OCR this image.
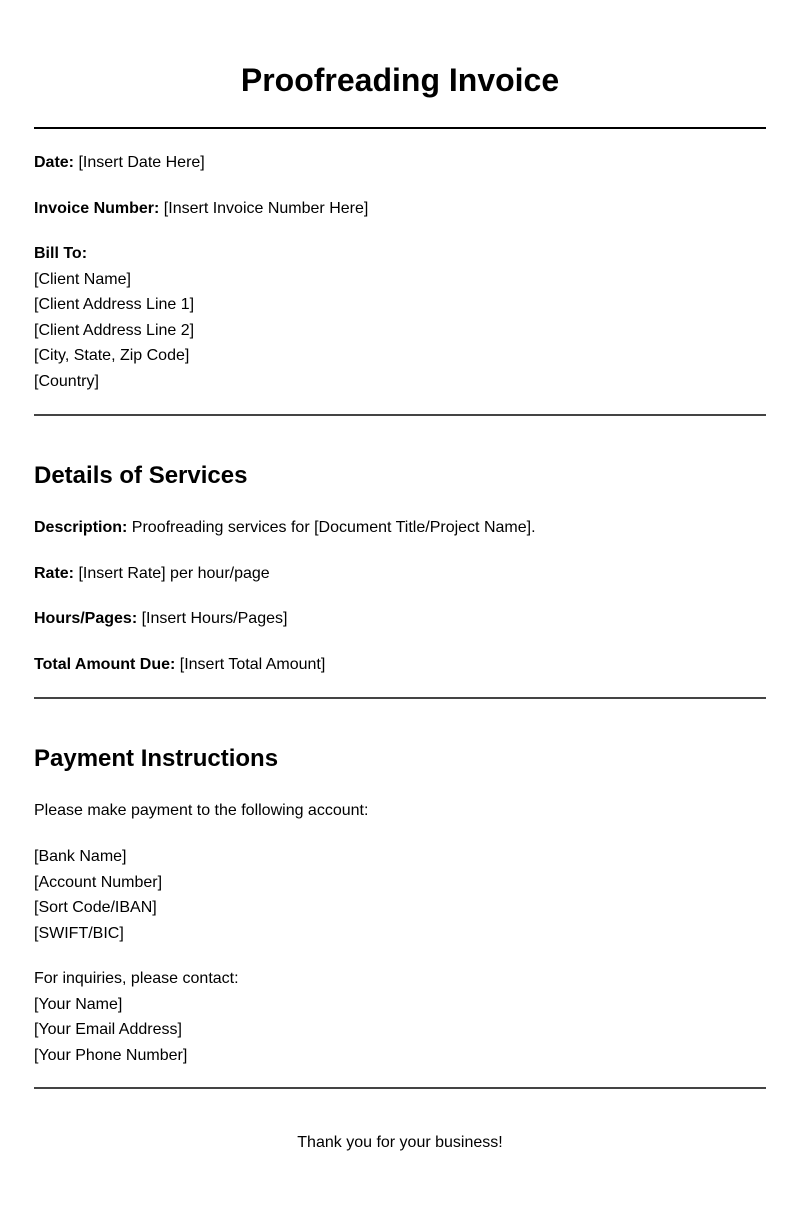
Proofreading Invoice

Date: [Insert Date Here]

Invoice Number: [Insert Invoice Number Here]

Bill To:
[Client Name]
[Client Address Line 1]
[Client Address Line 2]
[City, State, Zip Code]
[Country]
Details of Services

Description: Proofreading services for [Document Title/Project Name].

Rate: [Insert Rate] per hour/page

Hours/Pages: [Insert Hours/Pages]

Total Amount Due: [Insert Total Amount]

Payment Instructions

Please make payment to the following account:

[Bank Name]
[Account Number]
[Sort Code/IBAN]
[SWIFT/BIC]
For inquiries, please contact:
[Your Name]
[Your Email Address]
[Your Phone Number]
Thank you for your business!
